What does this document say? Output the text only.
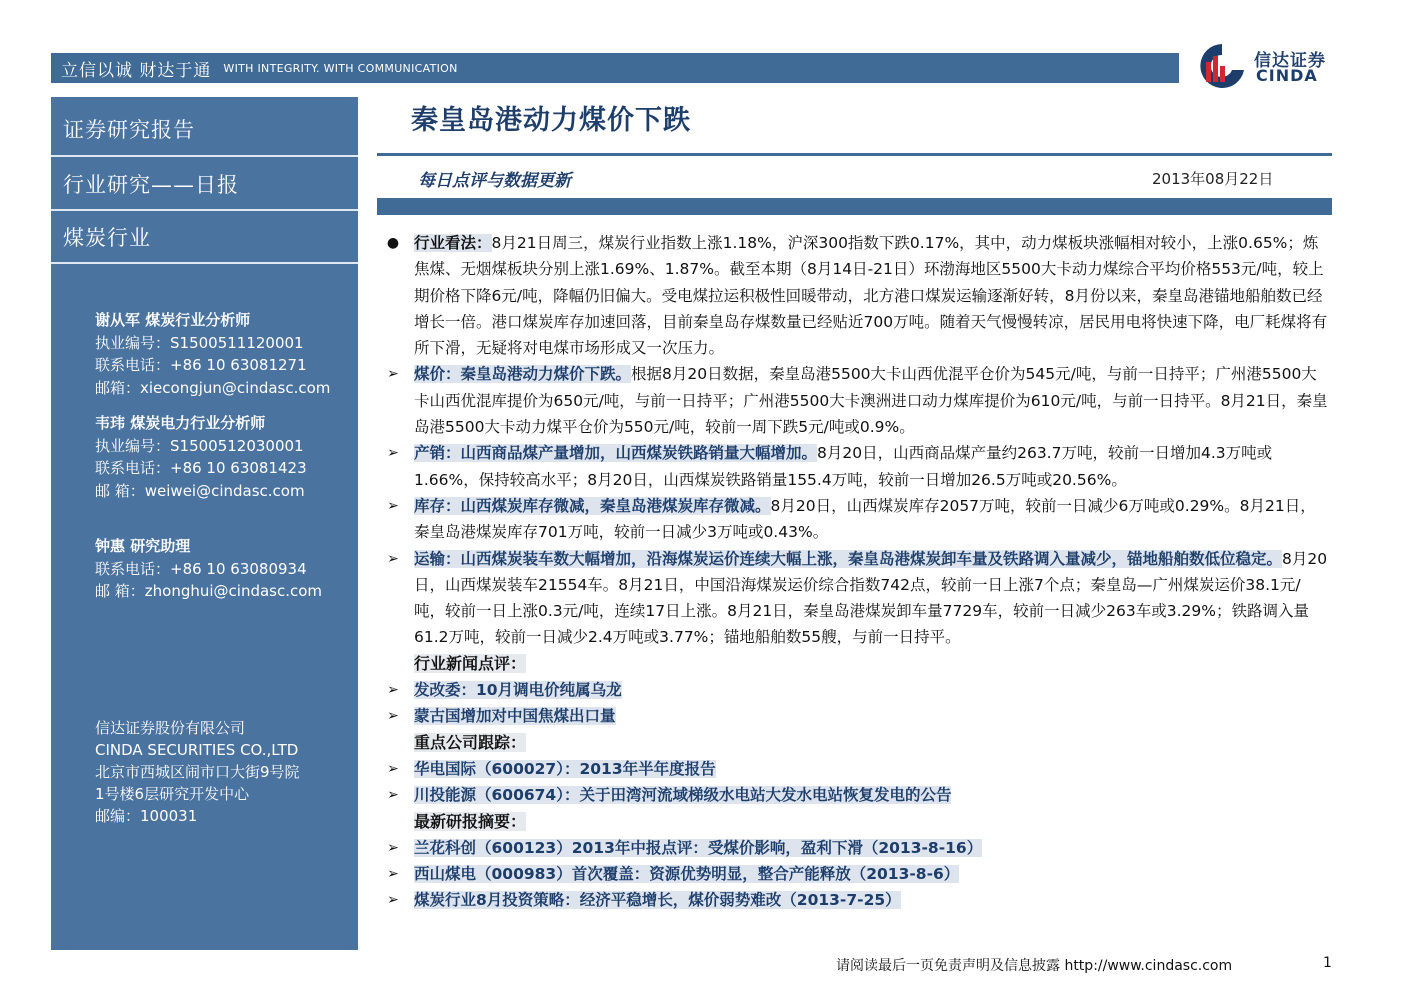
立信以诚 财达于通 WITH INTEGRITY. WITH COMMUNICATION	信达证券
CINDA
证券研究报告
行业研究——日报
煤炭行业
谢从军 煤炭行业分析师
执业编号：S1500511120001
联系电话：+86 10 63081271
邮箱：xiecongjun@cindasc.com
韦玮 煤炭电力行业分析师
执业编号：S1500512030001
联系电话：+86 10 63081423
邮 箱：weiwei@cindasc.com
钟惠 研究助理
联系电话：+86 10 63080934
邮 箱：zhonghui@cindasc.com
信达证券股份有限公司
CINDA SECURITIES CO.,LTD
北京市西城区闹市口大街9号院
1号楼6层研究开发中心
邮编：100031
秦皇岛港动力煤价下跌
每日点评与数据更新	2013年08月22日
● 行业看法：8月21日周三，煤炭行业指数上涨1.18%，沪深300指数下跌0.17%，其中，动力煤板块涨幅相对较小，上涨0.65%；炼焦煤、无烟煤板块分别上涨1.69%、1.87%。截至本期（8月14日-21日）环渤海地区5500大卡动力煤综合平均价格553元/吨，较上期价格下降6元/吨，降幅仍旧偏大。受电煤拉运积极性回暖带动，北方港口煤炭运输逐渐好转，8月份以来，秦皇岛港锚地船舶数已经增长一倍。港口煤炭库存加速回落，目前秦皇岛存煤数量已经贴近700万吨。随着天气慢慢转凉，居民用电将快速下降，电厂耗煤将有所下滑，无疑将对电煤市场形成又一次压力。
➢ 煤价：秦皇岛港动力煤价下跌。根据8月20日数据，秦皇岛港5500大卡山西优混平仓价为545元/吨，与前一日持平；广州港5500大卡山西优混库提价为650元/吨，与前一日持平；广州港5500大卡澳洲进口动力煤库提价为610元/吨，与前一日持平。8月21日，秦皇岛港5500大卡动力煤平仓价为550元/吨，较前一周下跌5元/吨或0.9%。
➢ 产销：山西商品煤产量增加，山西煤炭铁路销量大幅增加。8月20日，山西商品煤产量约263.7万吨，较前一日增加4.3万吨或1.66%，保持较高水平；8月20日，山西煤炭铁路销量155.4万吨，较前一日增加26.5万吨或20.56%。
➢ 库存：山西煤炭库存微减，秦皇岛港煤炭库存微减。8月20日，山西煤炭库存2057万吨，较前一日减少6万吨或0.29%。8月21日，秦皇岛港煤炭库存701万吨，较前一日减少3万吨或0.43%。
➢ 运输：山西煤炭装车数大幅增加，沿海煤炭运价连续大幅上涨，秦皇岛港煤炭卸车量及铁路调入量减少，锚地船舶数低位稳定。8月20日，山西煤炭装车21554车。8月21日，中国沿海煤炭运价综合指数742点，较前一日上涨7个点；秦皇岛—广州煤炭运价38.1元/吨，较前一日上涨0.3元/吨，连续17日上涨。8月21日，秦皇岛港煤炭卸车量7729车，较前一日减少263车或3.29%；铁路调入量61.2万吨，较前一日减少2.4万吨或3.77%；锚地船舶数55艘，与前一日持平。
行业新闻点评：
➢ 发改委：10月调电价纯属乌龙
➢ 蒙古国增加对中国焦煤出口量
重点公司跟踪：
➢ 华电国际（600027）：2013年半年度报告
➢ 川投能源（600674）：关于田湾河流域梯级水电站大发水电站恢复发电的公告
最新研报摘要：
➢ 兰花科创（600123）2013年中报点评：受煤价影响，盈利下滑（2013-8-16）
➢ 西山煤电（000983）首次覆盖：资源优势明显，整合产能释放（2013-8-6）
➢ 煤炭行业8月投资策略：经济平稳增长，煤价弱势难改（2013-7-25）
请阅读最后一页免责声明及信息披露 http://www.cindasc.com	1
